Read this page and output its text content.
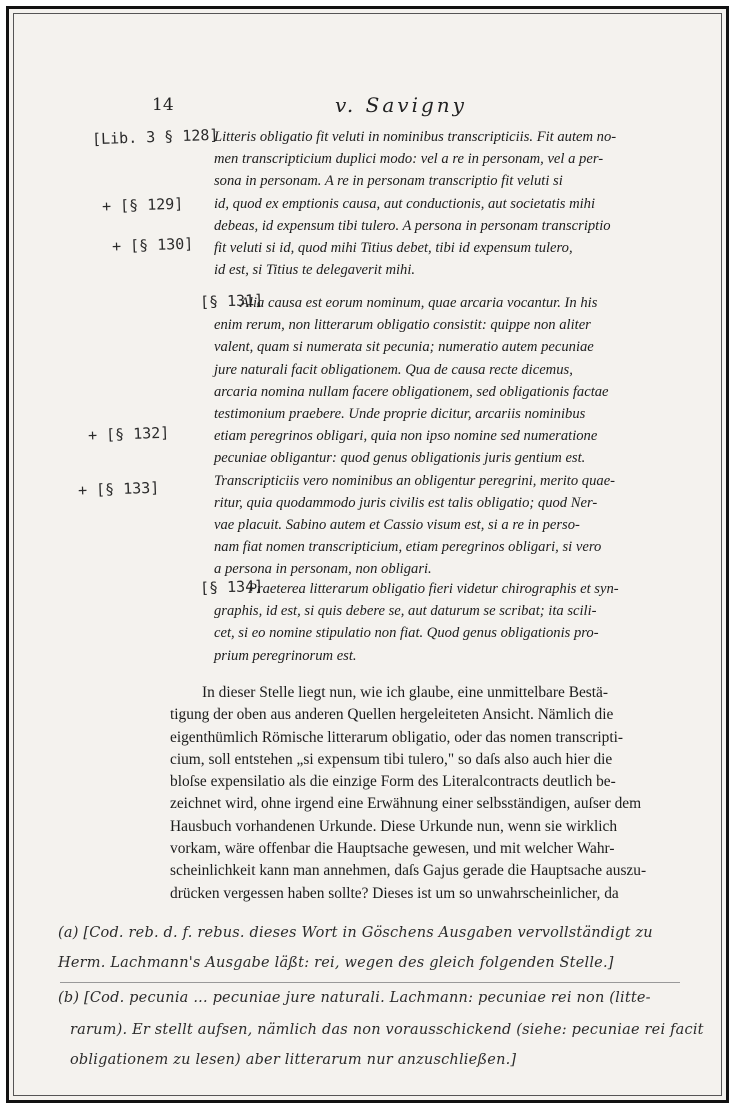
14	v. Savigny
[Lib. 3 § 128]
+ [§ 129]
+ [§ 130]
[§ 131]
+ [§ 132]
+ [§ 133]
[§ 134]
Litteris obligatio fit veluti in nominibus transcripticiis. Fit autem no-
men transcripticium duplici modo: vel a re in personam, vel a per-
sona in personam. A re in personam transcriptio fit veluti si
id, quod ex emptionis causa, aut conductionis, aut societatis mihi
debeas, id expensum tibi tulero. A persona in personam transcriptio
fit veluti si id, quod mihi Titius debet, tibi id expensum tulero,
id est, si Titius te delegaverit mihi.
Alia causa est eorum nominum, quae arcaria vocantur. In his
enim rerum, non litterarum obligatio consistit: quippe non aliter
valent, quam si numerata sit pecunia; numeratio autem pecuniae
jure naturali facit obligationem. Qua de causa recte dicemus,
arcaria nomina nullam facere obligationem, sed obligationis factae
testimonium praebere. Unde proprie dicitur, arcariis nominibus
etiam peregrinos obligari, quia non ipso nomine sed numeratione
pecuniae obligantur: quod genus obligationis juris gentium est.
Transcripticiis vero nominibus an obligentur peregrini, merito quae-
ritur, quia quodammodo juris civilis est talis obligatio; quod Ner-
vae placuit. Sabino autem et Cassio visum est, si a re in perso-
nam fiat nomen transcripticium, etiam peregrinos obligari, si vero
a persona in personam, non obligari.
Praeterea litterarum obligatio fieri videtur chirographis et syn-
graphis, id est, si quis debere se, aut daturum se scribat; ita scili-
cet, si eo nomine stipulatio non fiat. Quod genus obligationis pro-
prium peregrinorum est.
In dieser Stelle liegt nun, wie ich glaube, eine unmittelbare Bestä-
tigung der oben aus anderen Quellen hergeleiteten Ansicht. Nämlich die
eigenthümlich Römische litterarum obligatio, oder das nomen transcripti-
cium, soll entstehen „si expensum tibi tulero," so daſs also auch hier die
bloſse expensilatio als die einzige Form des Literalcontracts deutlich be-
zeichnet wird, ohne irgend eine Erwähnung einer selbsständigen, auſser dem
Hausbuch vorhandenen Urkunde. Diese Urkunde nun, wenn sie wirklich
vorkam, wäre offenbar die Hauptsache gewesen, und mit welcher Wahr-
scheinlichkeit kann man annehmen, daſs Gajus gerade die Hauptsache auszu-
drücken vergessen haben sollte? Dieses ist um so unwahrscheinlicher, da
(a) [Cod. reb. d. f. rebus. dieses Wort in Göschens Ausgaben vervollständigt zu Herm. Lachmann's Ausgabe läßt: rei, wegen des gleich folgenden Stelle.]
(b) [Cod. pecunia ... pecuniae jure naturali. Lachmann: pecuniae rei non (litte-
rarum). Er stellt aufsen, nämlich das non vorausschickend (siehe: pecuniae rei facit
obligationem zu lesen) aber litterarum nur anzuschließen.]
